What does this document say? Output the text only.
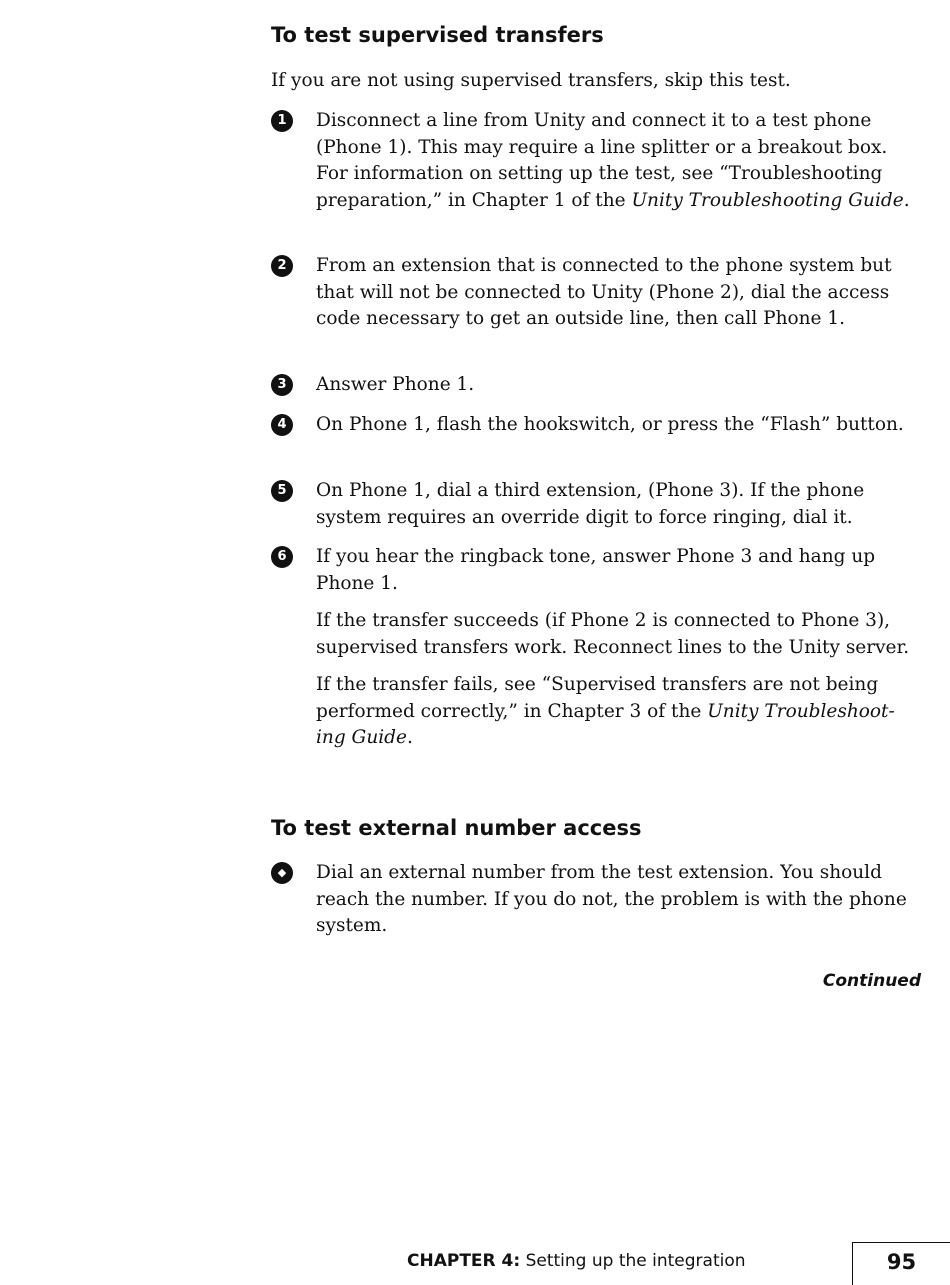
To test supervised transfers

If you are not using supervised transfers, skip this test.

1	Disconnect a line from Unity and connect it to a test phone (Phone 1). This may require a line splitter or a breakout box. For information on setting up the test, see “Troubleshooting preparation,” in Chapter 1 of the Unity Troubleshooting Guide.

2	From an extension that is connected to the phone system but that will not be connected to Unity (Phone 2), dial the access code necessary to get an outside line, then call Phone 1.

3	Answer Phone 1.

4	On Phone 1, flash the hookswitch, or press the “Flash” button.

5	On Phone 1, dial a third extension, (Phone 3). If the phone system requires an override digit to force ringing, dial it.

6	If you hear the ringback tone, answer Phone 3 and hang up Phone 1.

If the transfer succeeds (if Phone 2 is connected to Phone 3), supervised transfers work. Reconnect lines to the Unity server.

If the transfer fails, see “Supervised transfers are not being performed correctly,” in Chapter 3 of the Unity Troubleshoot-ing Guide.

To test external number access
◆	Dial an external number from the test extension. You should reach the number. If you do not, the problem is with the phone system.

Continued

CHAPTER 4: Setting up the integration	95
